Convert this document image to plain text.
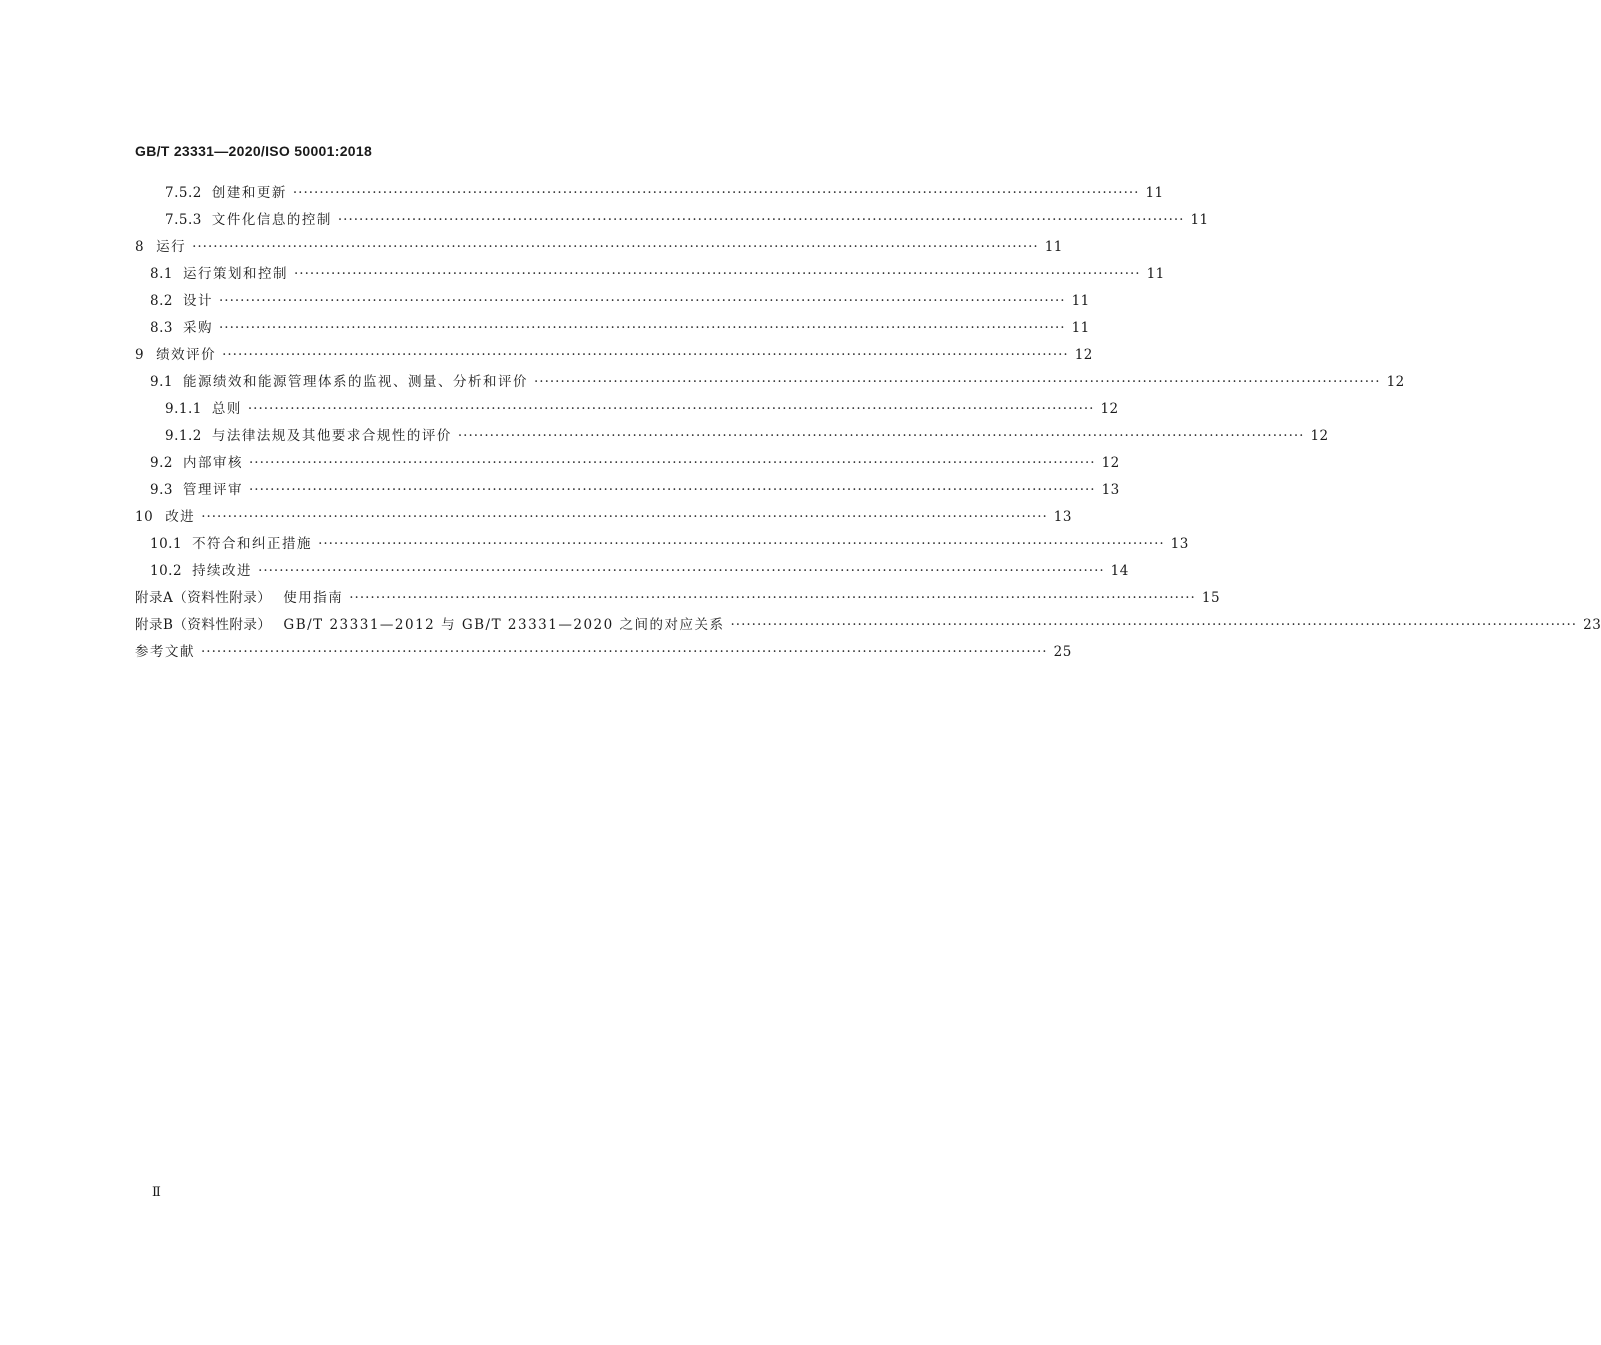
GB/T 23331—2020/ISO 50001:2018
7.5.2 创建和更新 ·····	11
7.5.3 文件化信息的控制 ·····	11
8 运行 ·····	11
8.1 运行策划和控制 ·····	11
8.2 设计 ·····	11
8.3 采购 ·····	11
9 绩效评价 ·····	12
9.1 能源绩效和能源管理体系的监视、测量、分析和评价 ·····	12
9.1.1 总则 ·····	12
9.1.2 与法律法规及其他要求合规性的评价 ·····	12
9.2 内部审核 ·····	12
9.3 管理评审 ·····	13
10 改进 ·····	13
10.1 不符合和纠正措施 ·····	13
10.2 持续改进 ·····	14
附录A（资料性附录） 使用指南 ·····	15
附录B（资料性附录） GB/T 23331—2012 与 GB/T 23331—2020 之间的对应关系 ·····	23
参考文献 ·····	25
Ⅱ
